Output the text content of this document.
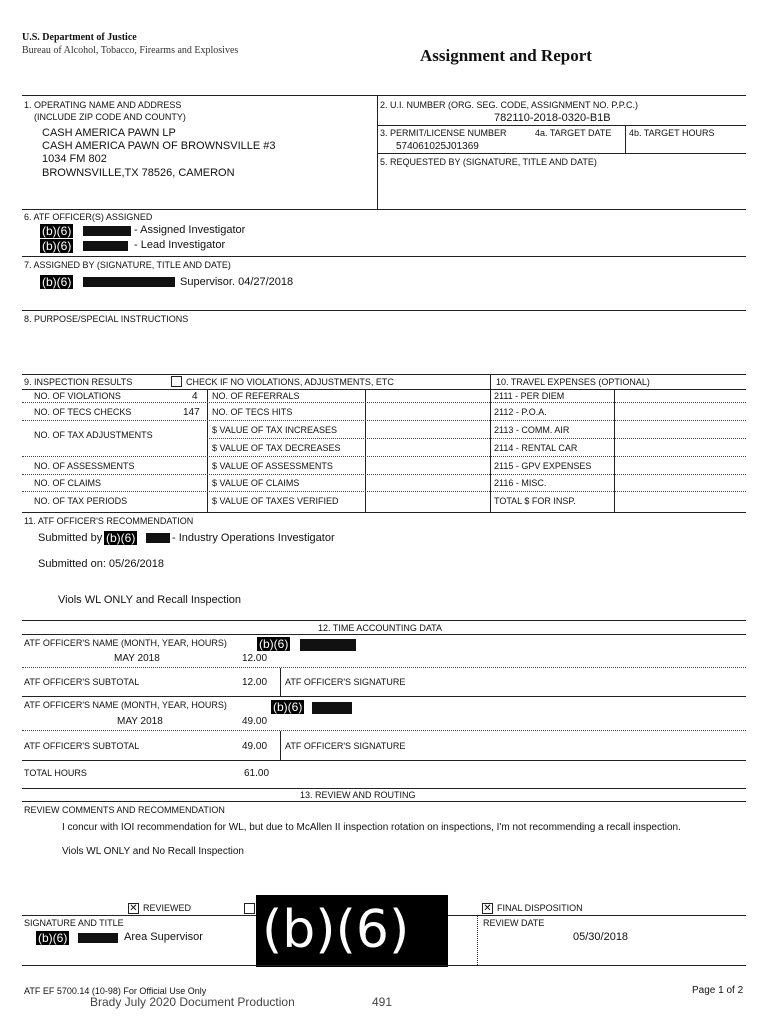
U.S. Department of Justice
Bureau of Alcohol, Tobacco, Firearms and Explosives	Assignment and Report
1. OPERATING NAME AND ADDRESS
(INCLUDE ZIP CODE AND COUNTY)
CASH AMERICA PAWN LP
CASH AMERICA PAWN OF BROWNSVILLE #3
1034 FM 802
BROWNSVILLE,TX 78526, CAMERON
2. U.I. NUMBER (ORG. SEG. CODE, ASSIGNMENT NO. P.P.C.)
782110-2018-0320-B1B
3. PERMIT/LICENSE NUMBER	4a. TARGET DATE 4b. TARGET HOURS
574061025J01369
5. REQUESTED BY (SIGNATURE, TITLE AND DATE)
6. ATF OFFICER(S) ASSIGNED
(b)(6)	- Assigned Investigator
(b)(6)	- Lead Investigator
7. ASSIGNED BY (SIGNATURE, TITLE AND DATE)
(b)(6)	Supervisor. 04/27/2018
8. PURPOSE/SPECIAL INSTRUCTIONS
9. INSPECTION RESULTS	CHECK IF NO VIOLATIONS, ADJUSTMENTS, ETC	10. TRAVEL EXPENSES (OPTIONAL)
NO. OF VIOLATIONS	4 NO. OF REFERRALS	2111 - PER DIEM
NO. OF TECS CHECKS	147 NO. OF TECS HITS	2112 - P.O.A.
NO. OF TAX ADJUSTMENTS	$ VALUE OF TAX INCREASES	2113 - COMM. AIR
$ VALUE OF TAX DECREASES	2114 - RENTAL CAR
NO. OF ASSESSMENTS	$ VALUE OF ASSESSMENTS	2115 - GPV EXPENSES
NO. OF CLAIMS	$ VALUE OF CLAIMS	2116 - MISC.
NO. OF TAX PERIODS	$ VALUE OF TAXES VERIFIED	TOTAL $ FOR INSP.
11. ATF OFFICER'S RECOMMENDATION
Submitted by (b)(6)	- Industry Operations Investigator
Submitted on: 05/26/2018
Viols WL ONLY and Recall Inspection
12. TIME ACCOUNTING DATA
ATF OFFICER'S NAME (MONTH, YEAR, HOURS)	(b)(6)
MAY 2018	12.00
ATF OFFICER'S SUBTOTAL	12.00 ATF OFFICER'S SIGNATURE
ATF OFFICER'S NAME (MONTH, YEAR, HOURS)	(b)(6)
MAY 2018	49.00
ATF OFFICER'S SUBTOTAL	49.00 ATF OFFICER'S SIGNATURE
TOTAL HOURS	61.00
13. REVIEW AND ROUTING
REVIEW COMMENTS AND RECOMMENDATION
I concur with IOI recommendation for WL, but due to McAllen II inspection rotation on inspections, I'm not recommending a recall inspection.
Viols WL ONLY and No Recall Inspection
✕ REVIEWED	✕ FINAL DISPOSITION
SIGNATURE AND TITLE
(b)(6)	Area Supervisor (b)(6)	REVIEW DATE
05/30/2018
ATF EF 5700.14 (10-98) For Official Use Only
Brady July 2020 Document Production	491
Page 1 of 2
